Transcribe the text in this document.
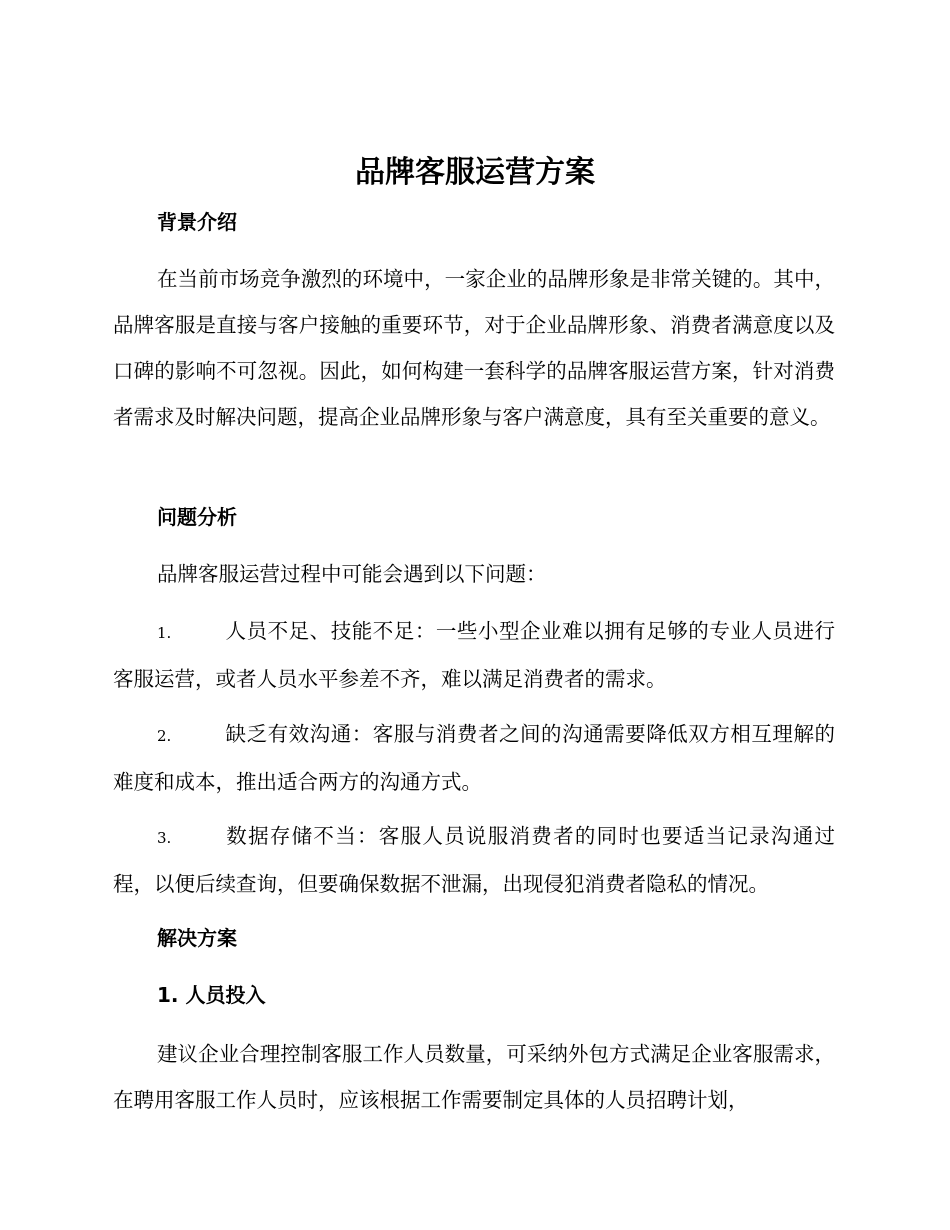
品牌客服运营方案
背景介绍

在当前市场竞争激烈的环境中，一家企业的品牌形象是非常关键的。其中，品牌客服是直接与客户接触的重要环节，对于企业品牌形象、消费者满意度以及口碑的影响不可忽视。因此，如何构建一套科学的品牌客服运营方案，针对消费者需求及时解决问题，提高企业品牌形象与客户满意度，具有至关重要的意义。

问题分析
品牌客服运营过程中可能会遇到以下问题：

1.	人员不足、技能不足：一些小型企业难以拥有足够的专业人员进行客服运营，或者人员水平参差不齐，难以满足消费者的需求。

2.	缺乏有效沟通：客服与消费者之间的沟通需要降低双方相互理解的难度和成本，推出适合两方的沟通方式。

3.	数据存储不当：客服人员说服消费者的同时也要适当记录沟通过程，以便后续查询，但要确保数据不泄漏，出现侵犯消费者隐私的情况。

解决方案
1. 人员投入

建议企业合理控制客服工作人员数量，可采纳外包方式满足企业客服需求，在聘用客服工作人员时，应该根据工作需要制定具体的人员招聘计划，
